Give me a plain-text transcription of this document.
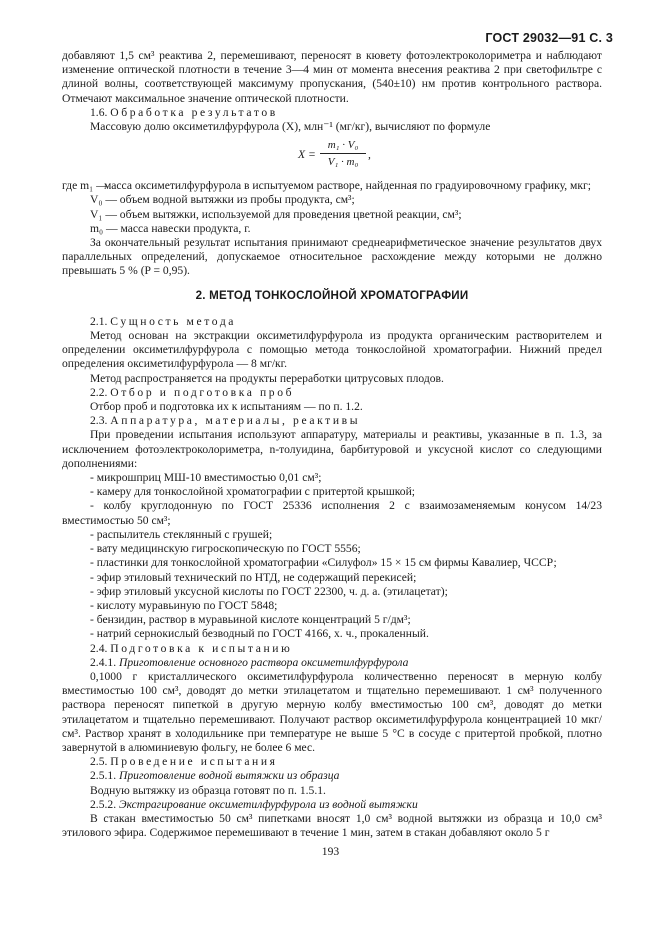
ГОСТ 29032—91 С. 3

добавляют 1,5 см³ реактива 2, перемешивают, переносят в кювету фотоэлектроколориметра и наблюдают изменение оптической плотности в течение 3—4 мин от момента внесения реактива 2 при светофильтре с длиной волны, соответствующей максимуму пропускания, (540±10) нм против контрольного раствора. Отмечают максимальное значение оптической плотности.

1.6. Обработка результатов

Массовую долю оксиметилфурфурола (X), млн⁻¹ (мг/кг), вычисляют по формуле

$X = \frac{\text{m₁ · V₀}}{\text{V₁ · m₀}}$ ,

где m₁ —
масса оксиметилфурфурола в испытуемом растворе, найденная по градуировочному графику, мкг;

V₀ — объем водной вытяжки из пробы продукта, см³;

V₁ — объем вытяжки, используемой для проведения цветной реакции, см³;

m₀ — масса навески продукта, г.

За окончательный результат испытания принимают среднеарифметическое значение результатов двух параллельных определений, допускаемое относительное расхождение между которыми не должно превышать 5 % (P = 0,95).

2. МЕТОД ТОНКОСЛОЙНОЙ ХРОМАТОГРАФИИ

2.1. Сущность метода

Метод основан на экстракции оксиметилфурфурола из продукта органическим растворителем и определении оксиметилфурфурола с помощью метода тонкослойной хроматографии. Нижний предел определения оксиметилфурфурола — 8 мг/кг.

Метод распространяется на продукты переработки цитрусовых плодов.

2.2. Отбор и подготовка проб

Отбор проб и подготовка их к испытаниям — по п. 1.2.

2.3. Аппаратура, материалы, реактивы

При проведении испытания используют аппаратуру, материалы и реактивы, указанные в п. 1.3, за исключением фотоэлектроколориметра, n-толуидина, барбитуровой и уксусной кислот со следующими дополнениями:

- микрошприц МШ-10 вместимостью 0,01 см³;

- камеру для тонкослойной хроматографии с притертой крышкой;

- колбу круглодонную по ГОСТ 25336 исполнения 2 с взаимозаменяемым конусом 14/23 вместимостью 50 см³;

- распылитель стеклянный с грушей;

- вату медицинскую гигроскопическую по ГОСТ 5556;

- пластинки для тонкослойной хроматографии «Силуфол» 15 × 15 см фирмы Кавалиер, ЧССР;

- эфир этиловый технический по НТД, не содержащий перекисей;

- эфир этиловый уксусной кислоты по ГОСТ 22300, ч. д. а. (этилацетат);

- кислоту муравьиную по ГОСТ 5848;

- бензидин, раствор в муравьиной кислоте концентраций 5 г/дм³;

- натрий сернокислый безводный по ГОСТ 4166, х. ч., прокаленный.

2.4. Подготовка к испытанию

2.4.1. Приготовление основного раствора оксиметилфурфурола

0,1000 г кристаллического оксиметилфурфурола количественно переносят в мерную колбу вместимостью 100 см³, доводят до метки этилацетатом и тщательно перемешивают. 1 см³ полученного раствора переносят пипеткой в другую мерную колбу вместимостью 100 см³, доводят до метки этилацетатом и тщательно перемешивают. Получают раствор оксиметилфурфурола концентрацией 10 мкг/см³. Раствор хранят в холодильнике при температуре не выше 5 °С в сосуде с притертой пробкой, плотно завернутой в алюминиевую фольгу, не более 6 мес.

2.5. Проведение испытания

2.5.1. Приготовление водной вытяжки из образца

Водную вытяжку из образца готовят по п. 1.5.1.

2.5.2. Экстрагирование оксиметилфурфурола из водной вытяжки

В стакан вместимостью 50 см³ пипетками вносят 1,0 см³ водной вытяжки из образца и 10,0 см³ этилового эфира. Содержимое перемешивают в течение 1 мин, затем в стакан добавляют около 5 г

193
